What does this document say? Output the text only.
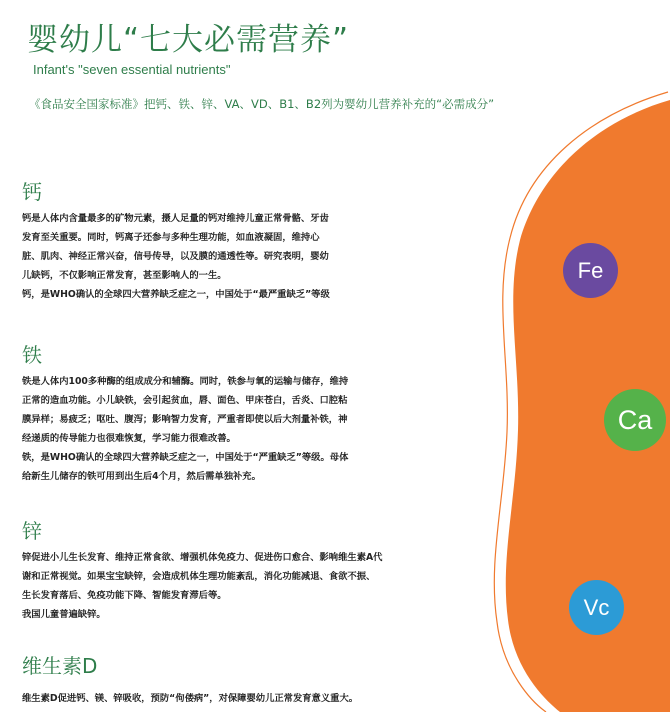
婴幼儿“七大必需营养”
Infant's "seven essential nutrients"
《食品安全国家标准》把钙、铁、锌、VA、VD、B1、B2列为婴幼儿营养补充的“必需成分”
钙

钙是人体内含量最多的矿物元素，摄人足量的钙对维持儿童正常骨骼、牙齿

发育至关重要。同时，钙离子还参与多种生理功能，如血液凝固，维持心

脏、肌肉、神经正常兴奋，信号传导，以及膜的通透性等。研究表明，婴幼

儿缺钙，不仅影响正常发育，甚至影响人的一生。

钙，是WHO确认的全球四大营养缺乏症之一，中国处于“最严重缺乏”等级

铁

铁是人体内100多种酶的组成成分和辅酶。同时，铁参与氧的运输与储存，维持

正常的造血功能。小儿缺铁，会引起贫血，唇、面色、甲床苍白，舌炎、口腔粘

膜异样；易疲乏；呕吐、腹泻；影响智力发育，严重者即使以后大剂量补铁，神

经递质的传导能力也很难恢复，学习能力很难改善。

铁，是WHO确认的全球四大营养缺乏症之一，中国处于“严重缺乏”等级。母体

给新生儿储存的铁可用到出生后4个月，然后需单独补充。

锌

锌促进小儿生长发育、维持正常食欲、增强机体免疫力、促进伤口愈合、影响维生素A代

谢和正常视觉。如果宝宝缺锌，会造成机体生理功能紊乱，消化功能减退、食欲不振、

生长发育落后、免疫功能下降、智能发育滞后等。

我国儿童普遍缺锌。

维生素D

维生素D促进钙、镁、锌吸收，预防“佝偻病”，对保障婴幼儿正常发育意义重大。

Fe
Ca
Vc
